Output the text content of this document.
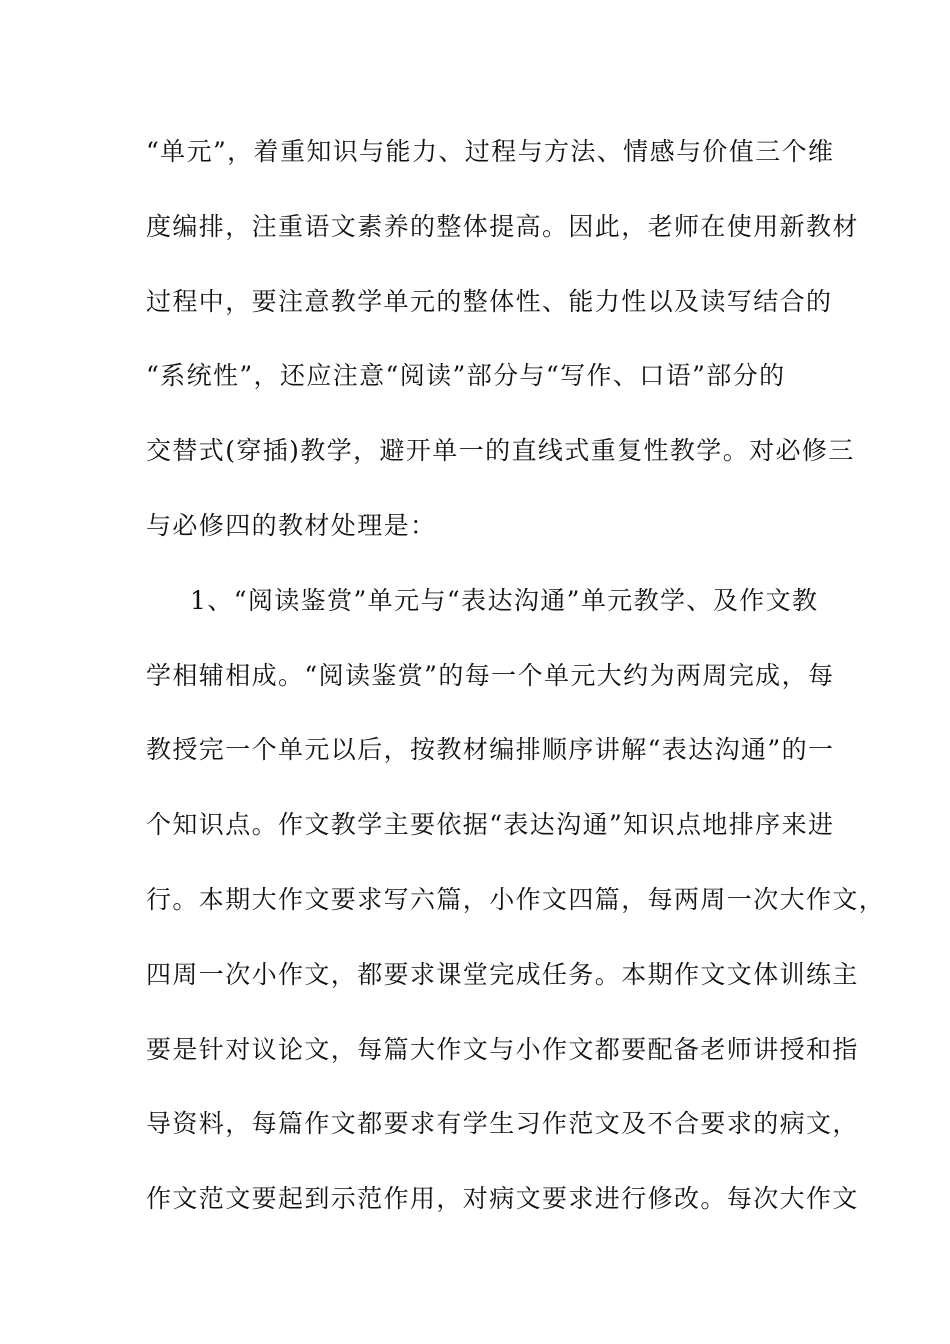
“单元”，着重知识与能力、过程与方法、情感与价值三个维
度编排，注重语文素养的整体提高。因此，老师在使用新教材
过程中，要注意教学单元的整体性、能力性以及读写结合的
“系统性”，还应注意“阅读”部分与“写作、口语”部分的
交替式(穿插)教学，避开单一的直线式重复性教学。对必修三
与必修四的教材处理是：
1、“阅读鉴赏”单元与“表达沟通”单元教学、及作文教
学相辅相成。“阅读鉴赏”的每一个单元大约为两周完成，每
教授完一个单元以后，按教材编排顺序讲解“表达沟通”的一
个知识点。作文教学主要依据“表达沟通”知识点地排序来进
行。本期大作文要求写六篇，小作文四篇，每两周一次大作文，
四周一次小作文，都要求课堂完成任务。本期作文文体训练主
要是针对议论文，每篇大作文与小作文都要配备老师讲授和指
导资料，每篇作文都要求有学生习作范文及不合要求的病文，
作文范文要起到示范作用，对病文要求进行修改。每次大作文
